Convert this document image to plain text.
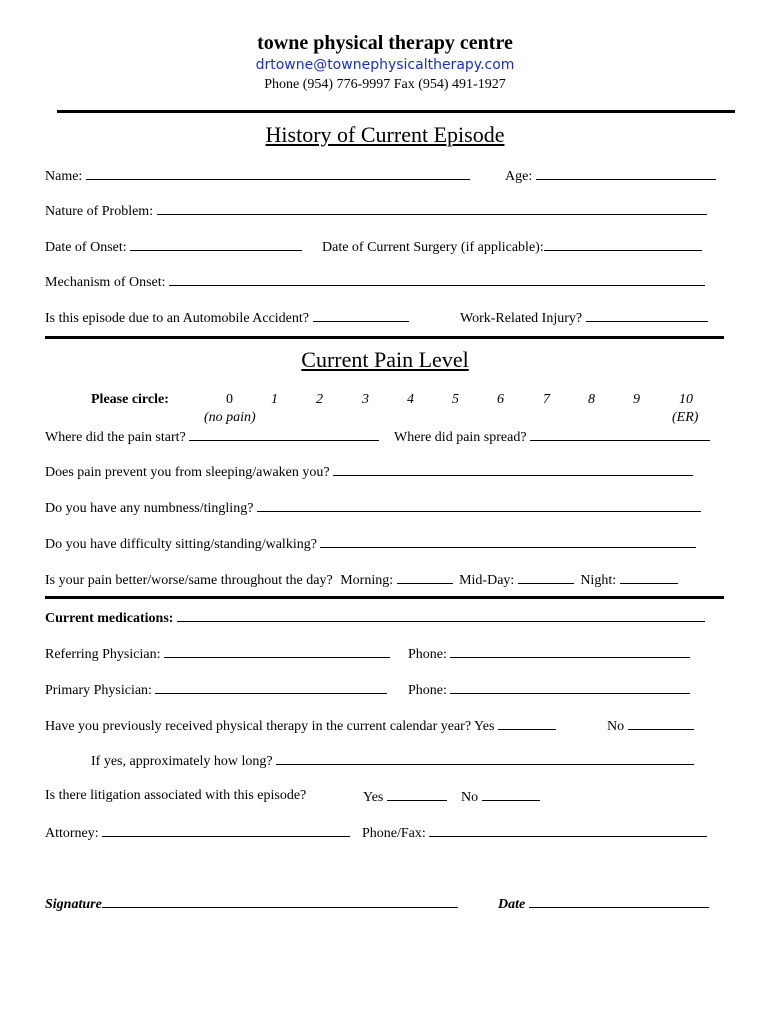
towne physical therapy centre
drtowne@townephysicaltherapy.com
Phone (954) 776-9997 Fax (954) 491-1927
History of Current Episode
Name:	Age:
Nature of Problem:
Date of Onset:	Date of Current Surgery (if applicable):
Mechanism of Onset:
Is this episode due to an Automobile Accident?	Work-Related Injury?
Current Pain Level
Please circle:	0	1	2	3	4	5	6	7	8	9	10
(no pain)	(ER)
Where did the pain start?	Where did pain spread?
Does pain prevent you from sleeping/awaken you?
Do you have any numbness/tingling?
Do you have difficulty sitting/standing/walking?
Is your pain better/worse/same throughout the day? Morning:	Mid-Day:	Night:
Current medications:
Referring Physician:	Phone:
Primary Physician:	Phone:
Have you previously received physical therapy in the current calendar year? Yes	No
If yes, approximately how long?
Is there litigation associated with this episode?	Yes	No
Attorney:	Phone/Fax:
Signature	Date
